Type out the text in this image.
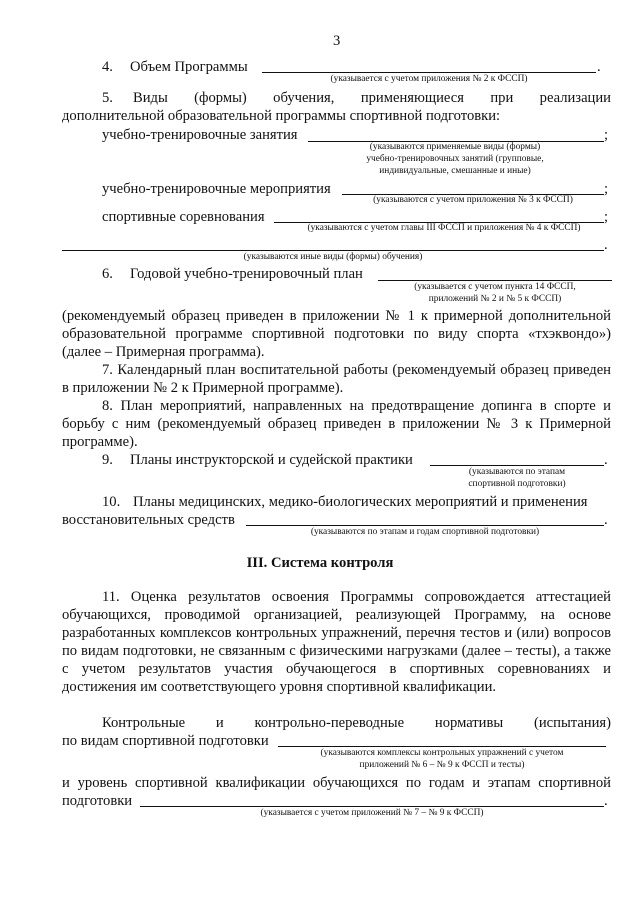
3
4. Объем Программы	.
(указывается с учетом приложения № 2 к ФССП)
5. Виды (формы) обучения, применяющиеся при реализации
дополнительной образовательной программы спортивной подготовки:
учебно-тренировочные занятия	;
(указываются применяемые виды (формы)
учебно-тренировочных занятий (групповые,
индивидуальные, смешанные и иные)
учебно-тренировочные мероприятия	;
(указываются с учетом приложения № 3 к ФССП)
спортивные соревнования	;
(указываются с учетом главы III ФССП и приложения № 4 к ФССП)
.
(указываются иные виды (формы) обучения)
6. Годовой учебно-тренировочный план
(указывается с учетом пункта 14 ФССП,
приложений № 2 и № 5 к ФССП)
(рекомендуемый образец приведен в приложении № 1 к примерной дополнительной образовательной программе спортивной подготовки по виду спорта «тхэквондо») (далее – Примерная программа).
7. Календарный план воспитательной работы (рекомендуемый образец приведен в приложении № 2 к Примерной программе).
8. План мероприятий, направленных на предотвращение допинга в спорте и борьбу с ним (рекомендуемый образец приведен в приложении № 3 к Примерной программе).
9. Планы инструкторской и судейской практики	.
(указываются по этапам
спортивной подготовки)
10. Планы медицинских, медико-биологических мероприятий и применения
восстановительных средств	.
(указываются по этапам и годам спортивной подготовки)
III. Система контроля
11. Оценка результатов освоения Программы сопровождается аттестацией обучающихся, проводимой организацией, реализующей Программу, на основе разработанных комплексов контрольных упражнений, перечня тестов и (или) вопросов по видам подготовки, не связанным с физическими нагрузками (далее – тесты), а также с учетом результатов участия обучающегося в спортивных соревнованиях и достижения им соответствующего уровня спортивной квалификации.
Контрольные и контрольно-переводные нормативы (испытания)
по видам спортивной подготовки
(указываются комплексы контрольных упражнений с учетом
приложений № 6 – № 9 к ФССП и тесты)
и уровень спортивной квалификации обучающихся по годам и этапам спортивной
подготовки	.
(указывается с учетом приложений № 7 – № 9 к ФССП)
